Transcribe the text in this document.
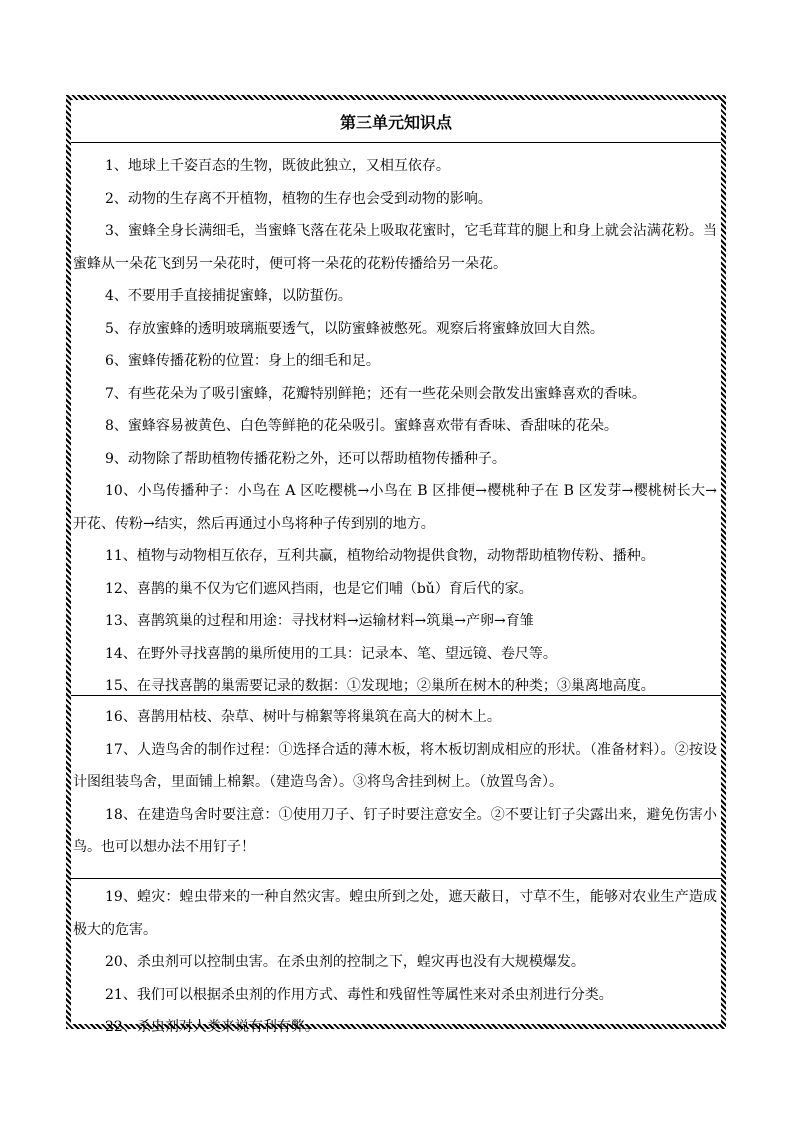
第三单元知识点

1、地球上千姿百态的生物，既彼此独立，又相互依存。

2、动物的生存离不开植物，植物的生存也会受到动物的影响。

3、蜜蜂全身长满细毛，当蜜蜂飞落在花朵上吸取花蜜时，它毛茸茸的腿上和身上就会沾满花粉。当蜜蜂从一朵花飞到另一朵花时，便可将一朵花的花粉传播给另一朵花。

4、不要用手直接捕捉蜜蜂，以防蜇伤。

5、存放蜜蜂的透明玻璃瓶要透气，以防蜜蜂被憋死。观察后将蜜蜂放回大自然。

6、蜜蜂传播花粉的位置：身上的细毛和足。

7、有些花朵为了吸引蜜蜂，花瓣特别鲜艳；还有一些花朵则会散发出蜜蜂喜欢的香味。

8、蜜蜂容易被黄色、白色等鲜艳的花朵吸引。蜜蜂喜欢带有香味、香甜味的花朵。

9、动物除了帮助植物传播花粉之外，还可以帮助植物传播种子。

10、小鸟传播种子：小鸟在 A 区吃樱桃→小鸟在 B 区排便→樱桃种子在 B 区发芽→樱桃树长大→开花、传粉→结实，然后再通过小鸟将种子传到别的地方。

11、植物与动物相互依存，互利共赢，植物给动物提供食物，动物帮助植物传粉、播种。

12、喜鹊的巢不仅为它们遮风挡雨，也是它们哺（bǔ）育后代的家。

13、喜鹊筑巢的过程和用途：寻找材料→运输材料→筑巢→产卵→育雏

14、在野外寻找喜鹊的巢所使用的工具：记录本、笔、望远镜、卷尺等。

15、在寻找喜鹊的巢需要记录的数据：①发现地；②巢所在树木的种类；③巢离地高度。

16、喜鹊用枯枝、杂草、树叶与棉絮等将巢筑在高大的树木上。

17、人造鸟舍的制作过程：①选择合适的薄木板，将木板切割成相应的形状。（准备材料）。②按设计图组装鸟舍，里面铺上棉絮。（建造鸟舍）。③将鸟舍挂到树上。（放置鸟舍）。

18、在建造鸟舍时要注意：①使用刀子、钉子时要注意安全。②不要让钉子尖露出来，避免伤害小鸟。也可以想办法不用钉子！

19、蝗灾：蝗虫带来的一种自然灾害。蝗虫所到之处，遮天蔽日，寸草不生，能够对农业生产造成极大的危害。

20、杀虫剂可以控制虫害。在杀虫剂的控制之下，蝗灾再也没有大规模爆发。

21、我们可以根据杀虫剂的作用方式、毒性和残留性等属性来对杀虫剂进行分类。

22、杀虫剂对人类来说有利有弊。
